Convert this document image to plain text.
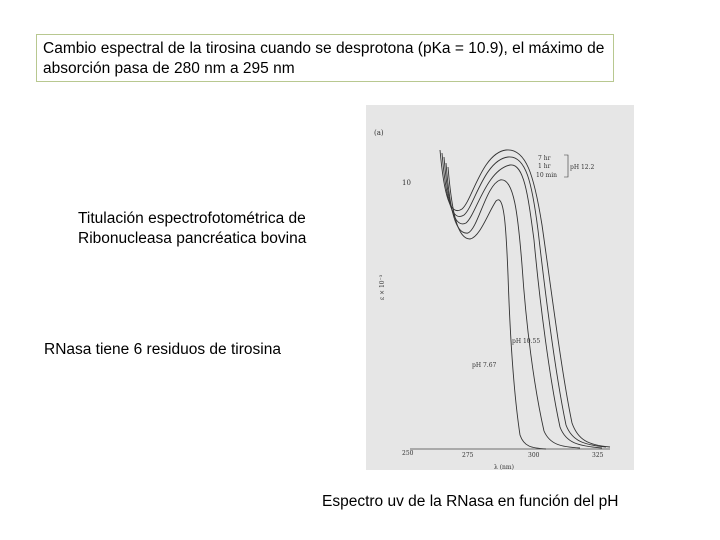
Cambio espectral de la tirosina cuando se desprotona (pKa = 10.9), el máximo de absorción pasa de 280 nm a 295 nm
Titulación espectrofotométrica de Ribonucleasa pancréatica bovina
RNasa tiene 6 residuos de tirosina
Espectro uv de la RNasa en función del pH
(a)
10
ε × 10⁻³
250	275	300	325
λ (nm)
7 hr
1 hr
10 min
pH 12.2
pH 10.55
pH 7.67
